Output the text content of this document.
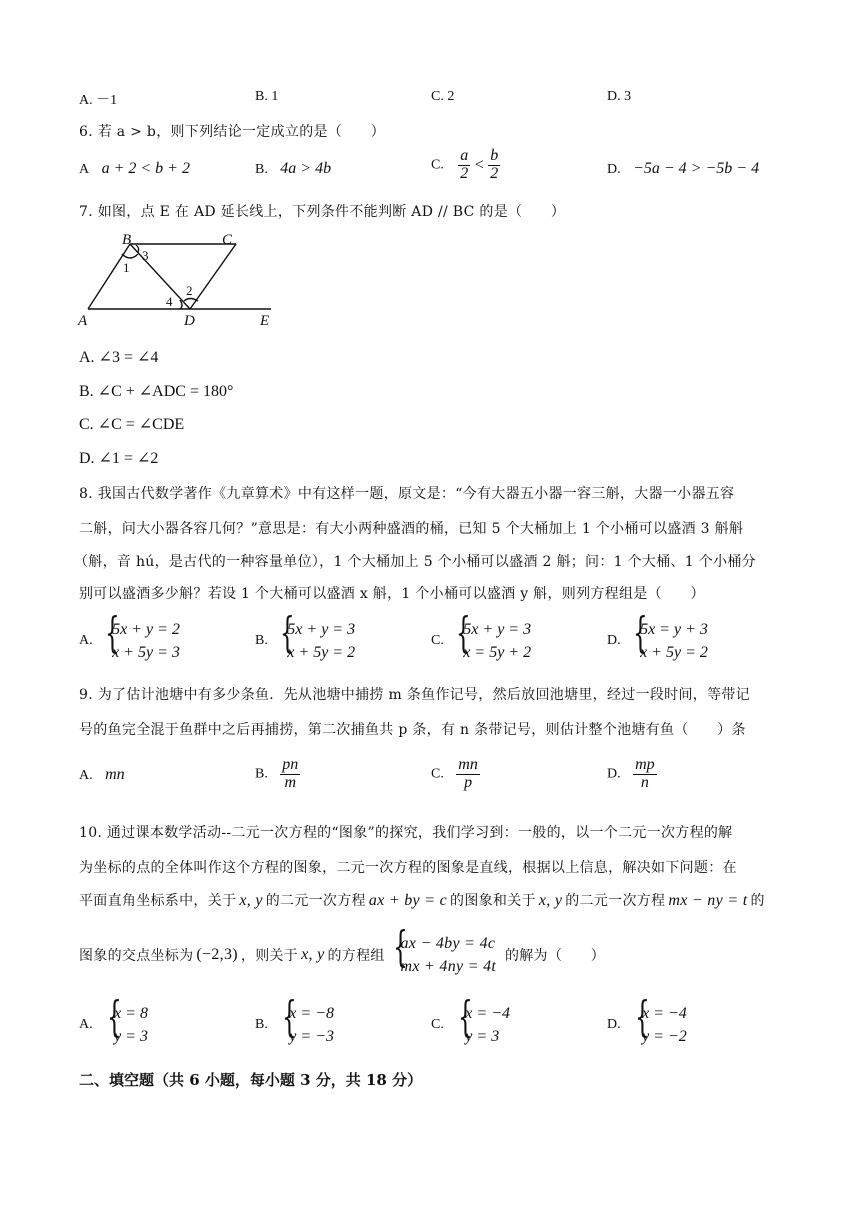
A. －1	B. 1	C. 2	D. 3
6. 若 a > b，则下列结论一定成立的是（　　）
A a + 2 < b + 2	B. 4a > 4b	C. $\frac{a}{2} < \frac{b}{2}$	D. −5a − 4 > −5b − 4
7. 如图，点 E 在 AD 延长线上，下列条件不能判断 AD // BC 的是（　　）
B	C
A	D	E
1
3
4
2
A. ∠3 = ∠4
B. ∠C + ∠ADC = 180°
C. ∠C = ∠CDE
D. ∠1 = ∠2
8. 我国古代数学著作《九章算术》中有这样一题，原文是：“今有大器五小器一容三斛，大器一小器五容
二斛，问大小器各容几何？”意思是：有大小两种盛酒的桶，已知 5 个大桶加上 1 个小桶可以盛酒 3 斛斛
（斛，音 hú，是古代的一种容量单位），1 个大桶加上 5 个小桶可以盛酒 2 斛；问：1 个大桶、1 个小桶分
别可以盛酒多少斛？若设 1 个大桶可以盛酒 x 斛，1 个小桶可以盛酒 y 斛，则列方程组是（　　）
A.
{ 5x + y = 2
x + 5y = 3
B.
{ 5x + y = 3
x + 5y = 2
C.
{ 5x + y = 3
x = 5y + 2
D.
{ 5x = y + 3
x + 5y = 2
9. 为了估计池塘中有多少条鱼．先从池塘中捕捞 m 条鱼作记号，然后放回池塘里，经过一段时间，等带记
号的鱼完全混于鱼群中之后再捕捞，第二次捕鱼共 p 条，有 n 条带记号，则估计整个池塘有鱼（　　）条
A. mn	B. $\frac{pn}{m}$	C. $\frac{mn}{p}$	D. $\frac{mp}{n}$
10. 通过课本数学活动--二元一次方程的“图象”的探究，我们学习到：一般的，以一个二元一次方程的解
为坐标的点的全体叫作这个方程的图象，二元一次方程的图象是直线，根据以上信息，解决如下问题：在
平面直角坐标系中，关于 x, y 的二元一次方程 ax + by = c 的图象和关于 x, y 的二元一次方程 mx − ny = t 的
图象的交点坐标为 (−2,3) ，则关于 x, y 的方程组
{ ax − 4by = 4c
mx + 4ny = 4t
的解为（　　）
A.
{ x = 8
y = 3
B.
{ x = −8
y = −3
C.
{ x = −4
y = 3
D.
{ x = −4
y = −2
二、填空题（共 6 小题，每小题 3 分，共 18 分）
